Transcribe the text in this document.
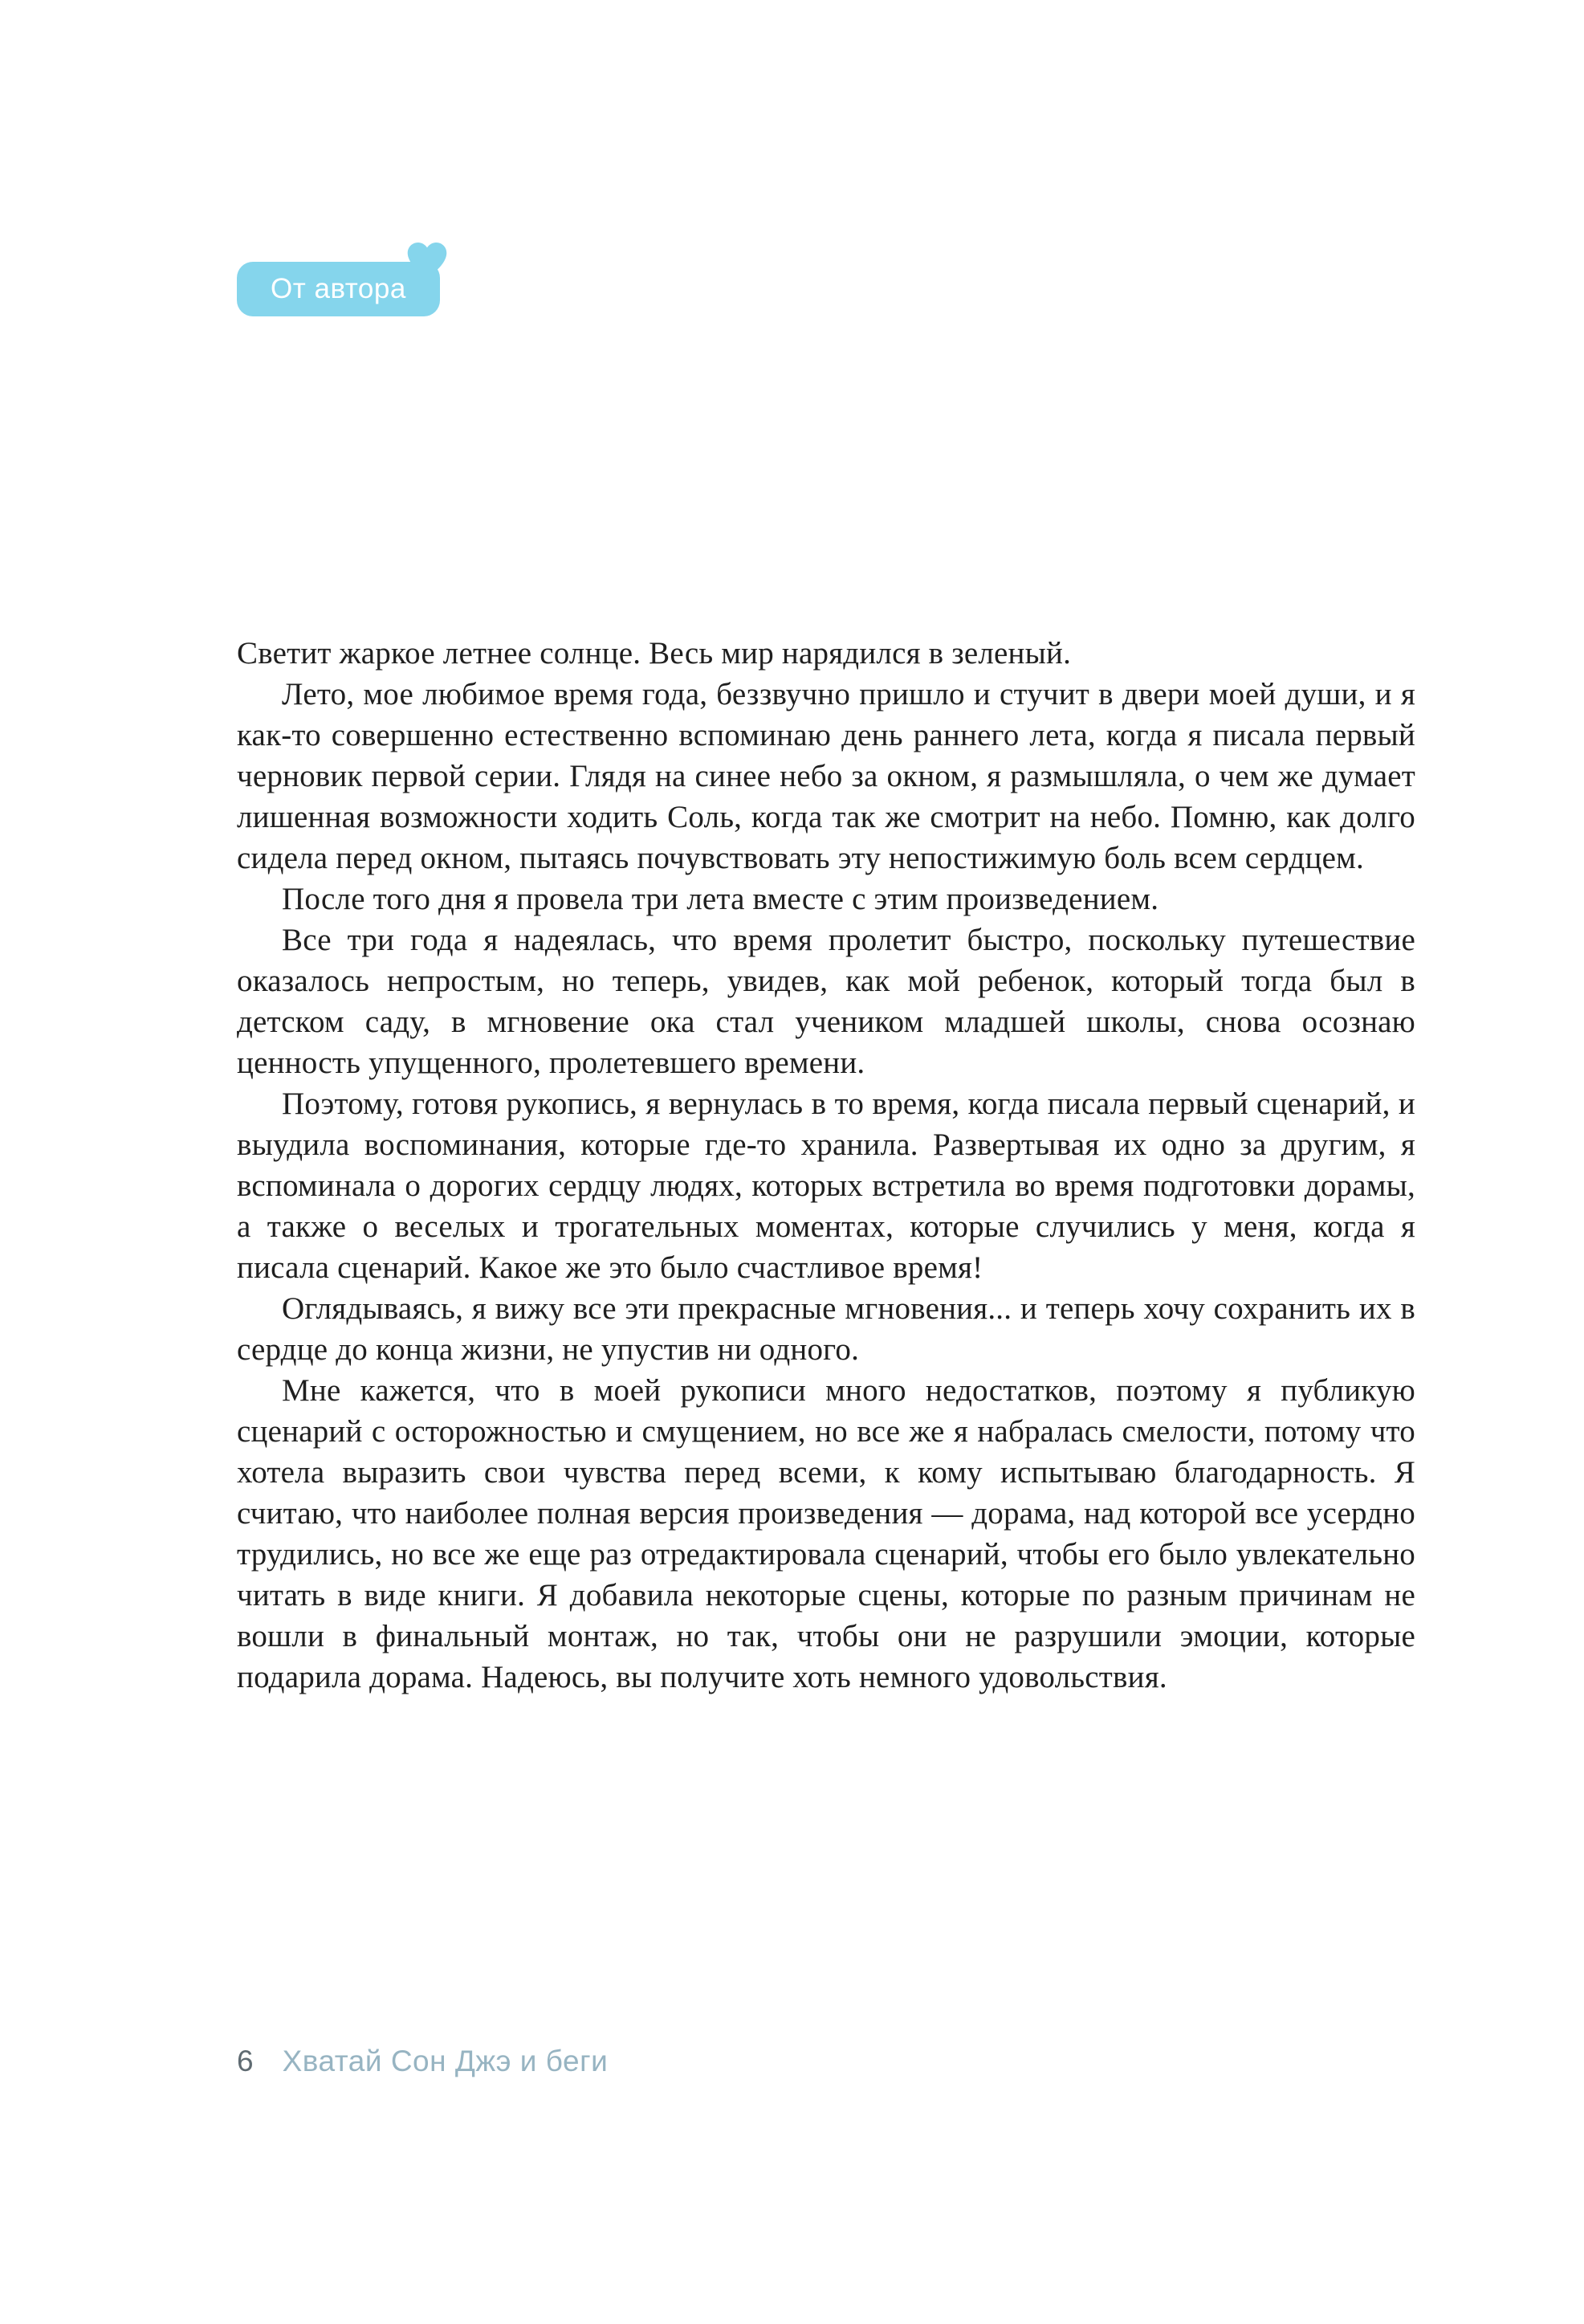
От автора

Светит жаркое летнее солнце. Весь мир нарядился в зеленый.

Лето, мое любимое время года, беззвучно пришло и стучит в двери моей души, и я как-то совершенно естественно вспоминаю день раннего лета, когда я писала первый черновик первой серии. Глядя на синее небо за окном, я размышляла, о чем же думает лишенная возможности ходить Соль, когда так же смотрит на небо. Помню, как долго сидела перед окном, пытаясь почувствовать эту непостижимую боль всем сердцем.

После того дня я провела три лета вместе с этим произведением.

Все три года я надеялась, что время пролетит быстро, поскольку путешествие оказалось непростым, но теперь, увидев, как мой ребенок, который тогда был в детском саду, в мгновение ока стал учеником младшей школы, снова осознаю ценность упущенного, пролетевшего времени.

Поэтому, готовя рукопись, я вернулась в то время, когда писала первый сценарий, и выудила воспоминания, которые где-то хранила. Развертывая их одно за другим, я вспоминала о дорогих сердцу людях, которых встретила во время подготовки дорамы, а также о веселых и трогательных моментах, которые случились у меня, когда я писала сценарий. Какое же это было счастливое время!

Оглядываясь, я вижу все эти прекрасные мгновения... и теперь хочу сохранить их в сердце до конца жизни, не упустив ни одного.

Мне кажется, что в моей рукописи много недостатков, поэтому я публикую сценарий с осторожностью и смущением, но все же я набралась смелости, потому что хотела выразить свои чувства перед всеми, к кому испытываю благодарность. Я считаю, что наиболее полная версия произведения — дорама, над которой все усердно трудились, но все же еще раз отредактировала сценарий, чтобы его было увлекательно читать в виде книги. Я добавила некоторые сцены, которые по разным причинам не вошли в финальный монтаж, но так, чтобы они не разрушили эмоции, которые подарила дорама. Надеюсь, вы получите хоть немного удовольствия.

6 Хватай Сон Джэ и беги
